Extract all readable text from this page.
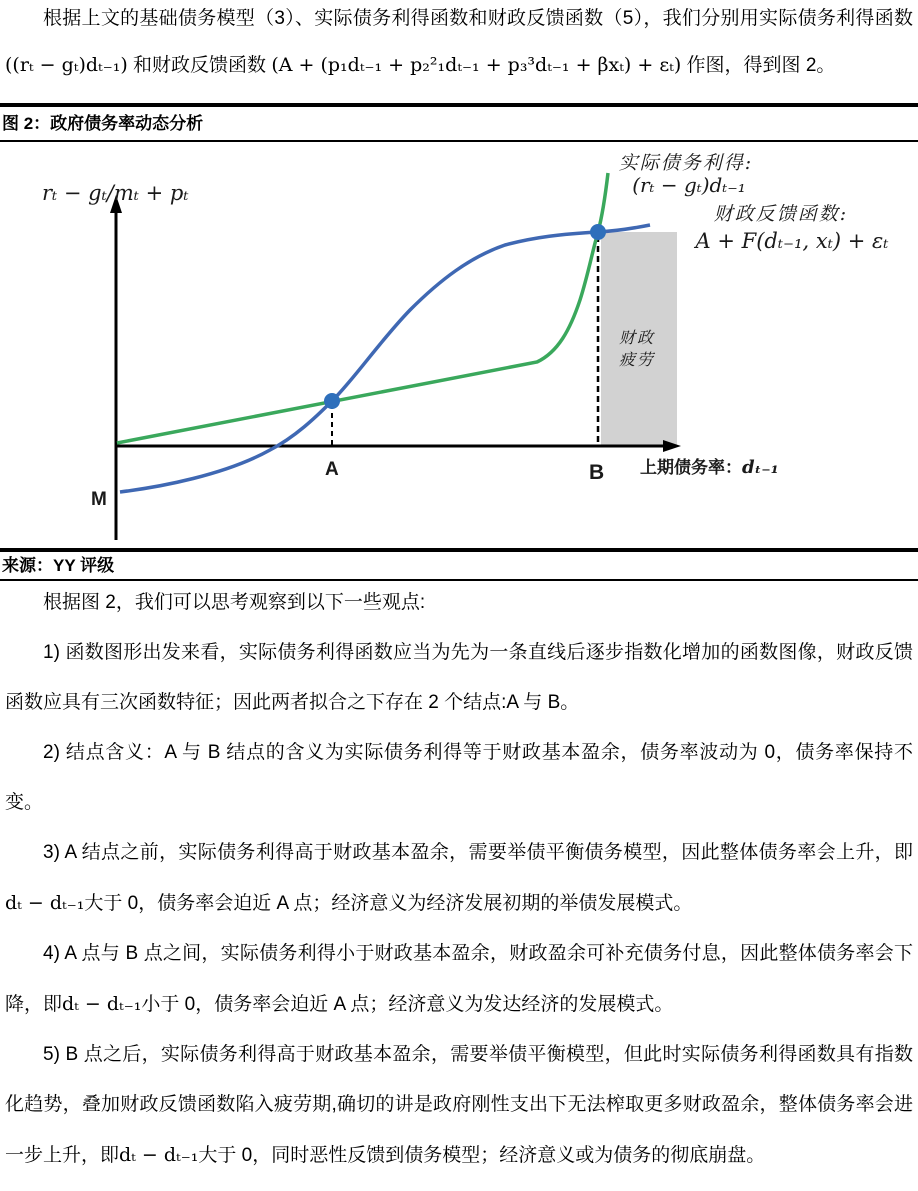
根据上文的基础债务模型（3）、实际债务利得函数和财政反馈函数（5），我们分别用实际债务利得函数 ((rₜ − gₜ)dₜ₋₁) 和财政反馈函数 (A + (p₁dₜ₋₁ + p₂²₁dₜ₋₁ + p₃³dₜ₋₁ + βxₜ) + εₜ) 作图，得到图 2。

图 2：政府债务率动态分析
rₜ − gₜ/mₜ + pₜ
上期债务率：dₜ₋₁
M
A	B
实际债务利得:
(rₜ − gₜ)dₜ₋₁
财政反馈函数:
A + F(dₜ₋₁, xₜ) + εₜ
财政
疲劳
来源：YY 评级

根据图 2，我们可以思考观察到以下一些观点:

1) 函数图形出发来看，实际债务利得函数应当为先为一条直线后逐步指数化增加的函数图像，财政反馈函数应具有三次函数特征；因此两者拟合之下存在 2 个结点:A 与 B。

2) 结点含义：A 与 B 结点的含义为实际债务利得等于财政基本盈余，债务率波动为 0，债务率保持不变。

3) A 结点之前，实际债务利得高于财政基本盈余，需要举债平衡债务模型，因此整体债务率会上升，即dₜ − dₜ₋₁大于 0，债务率会迫近 A 点；经济意义为经济发展初期的举债发展模式。

4) A 点与 B 点之间，实际债务利得小于财政基本盈余，财政盈余可补充债务付息，因此整体债务率会下降，即dₜ − dₜ₋₁小于 0，债务率会迫近 A 点；经济意义为发达经济的发展模式。

5) B 点之后，实际债务利得高于财政基本盈余，需要举债平衡模型，但此时实际债务利得函数具有指数化趋势，叠加财政反馈函数陷入疲劳期,确切的讲是政府刚性支出下无法榨取更多财政盈余，整体债务率会进一步上升，即dₜ − dₜ₋₁大于 0，同时恶性反馈到债务模型；经济意义或为债务的彻底崩盘。
